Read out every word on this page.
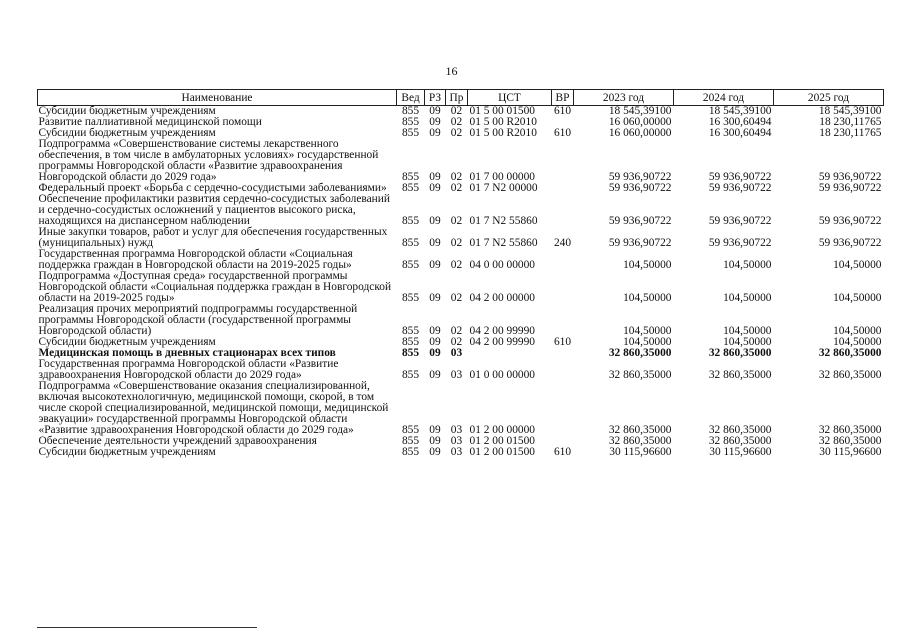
16
Наименование	Вед	РЗ	Пр	ЦСТ	ВР	2023 год	2024 год	2025 год
Субсидии бюджетным учреждениям	855	09	02	01 5 00 01500	610	18 545,39100	18 545,39100	18 545,39100
Развитие паллиативной медицинской помощи	855	09	02	01 5 00 R2010		16 060,00000	16 300,60494	18 230,11765
Субсидии бюджетным учреждениям	855	09	02	01 5 00 R2010	610	16 060,00000	16 300,60494	18 230,11765
Подпрограмма «Совершенствование системы лекарственного обеспечения, в том числе в амбулаторных условиях» государственной программы Новгородской области «Развитие здравоохранения Новгородской области до 2029 года»	855	09	02	01 7 00 00000		59 936,90722	59 936,90722	59 936,90722
Федеральный проект «Борьба с сердечно-сосудистыми заболеваниями»	855	09	02	01 7 N2 00000		59 936,90722	59 936,90722	59 936,90722
Обеспечение профилактики развития сердечно-сосудистых заболеваний и сердечно-сосудистых осложнений у пациентов высокого риска, находящихся на диспансерном наблюдении	855	09	02	01 7 N2 55860		59 936,90722	59 936,90722	59 936,90722
Иные закупки товаров, работ и услуг для обеспечения государственных (муниципальных) нужд	855	09	02	01 7 N2 55860	240	59 936,90722	59 936,90722	59 936,90722
Государственная программа Новгородской области «Социальная поддержка граждан в Новгородской области на 2019-2025 годы»	855	09	02	04 0 00 00000		104,50000	104,50000	104,50000
Подпрограмма «Доступная среда» государственной программы Новгородской области «Социальная поддержка граждан в Новгородской области на 2019-2025 годы»	855	09	02	04 2 00 00000		104,50000	104,50000	104,50000
Реализация прочих мероприятий подпрограммы государственной программы Новгородской области (государственной программы Новгородской области)	855	09	02	04 2 00 99990		104,50000	104,50000	104,50000
Субсидии бюджетным учреждениям	855	09	02	04 2 00 99990	610	104,50000	104,50000	104,50000
Медицинская помощь в дневных стационарах всех типов	855	09	03			32 860,35000	32 860,35000	32 860,35000
Государственная программа Новгородской области «Развитие здравоохранения Новгородской области до 2029 года»	855	09	03	01 0 00 00000		32 860,35000	32 860,35000	32 860,35000
Подпрограмма «Совершенствование оказания специализированной, включая высокотехнологичную, медицинской помощи, скорой, в том числе скорой специализированной, медицинской помощи, медицинской эвакуации» государственной программы Новгородской области «Развитие здравоохранения Новгородской области до 2029 года»	855	09	03	01 2 00 00000		32 860,35000	32 860,35000	32 860,35000
Обеспечение деятельности учреждений здравоохранения	855	09	03	01 2 00 01500		32 860,35000	32 860,35000	32 860,35000
Субсидии бюджетным учреждениям	855	09	03	01 2 00 01500	610	30 115,96600	30 115,96600	30 115,96600
